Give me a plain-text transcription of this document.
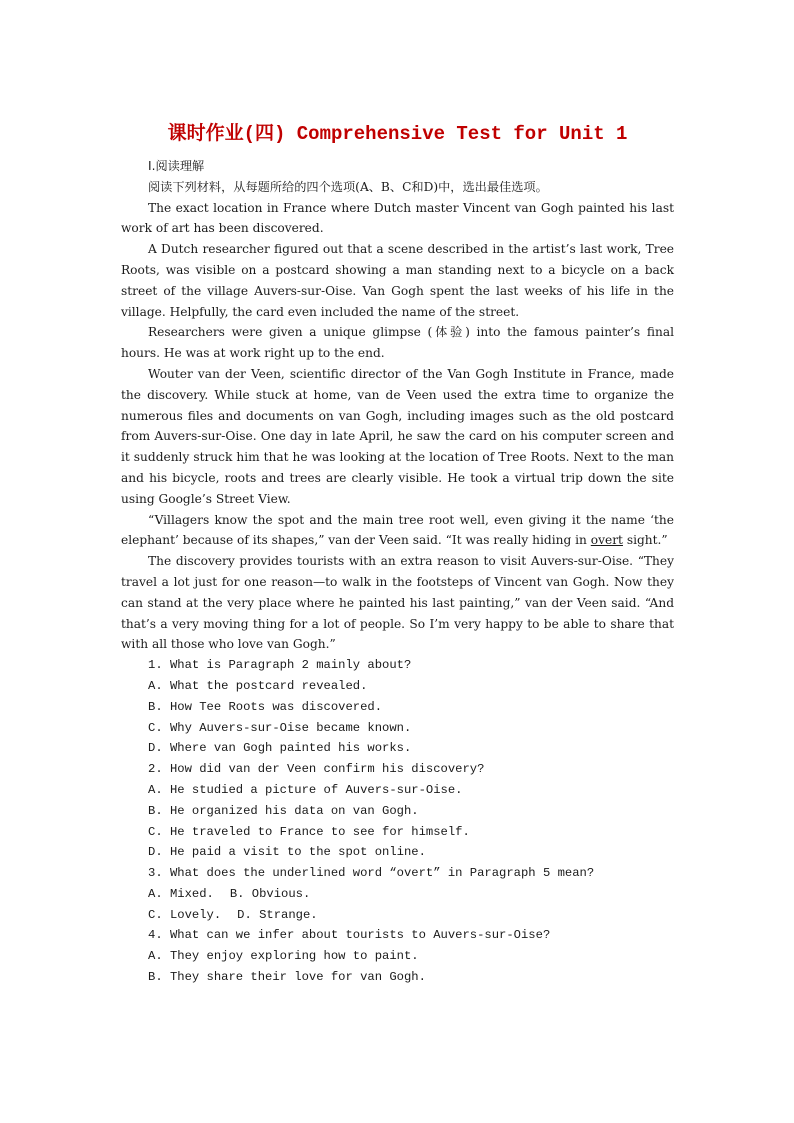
课时作业(四) Comprehensive Test for Unit 1
Ⅰ.阅读理解
阅读下列材料，从每题所给的四个选项(A、B、C和D)中，选出最佳选项。

The exact location in France where Dutch master Vincent van Gogh painted his last work of art has been discovered.

A Dutch researcher figured out that a scene described in the artist’s last work, Tree Roots, was visible on a postcard showing a man standing next to a bicycle on a back street of the village Auvers-sur-Oise. Van Gogh spent the last weeks of his life in the village. Helpfully, the card even included the name of the street.

Researchers were given a unique glimpse (体验) into the famous painter’s final hours. He was at work right up to the end.

Wouter van der Veen, scientific director of the Van Gogh Institute in France, made the discovery. While stuck at home, van de Veen used the extra time to organize the numerous files and documents on van Gogh, including images such as the old postcard from Auvers-sur-Oise. One day in late April, he saw the card on his computer screen and it suddenly struck him that he was looking at the location of Tree Roots. Next to the man and his bicycle, roots and trees are clearly visible. He took a virtual trip down the site using Google’s Street View.

“Villagers know the spot and the main tree root well, even giving it the name ‘the elephant’ because of its shapes,” van der Veen said. “It was really hiding in overt sight.”

The discovery provides tourists with an extra reason to visit Auvers-sur-Oise. “They travel a lot just for one reason—to walk in the footsteps of Vincent van Gogh. Now they can stand at the very place where he painted his last painting,” van der Veen said. “And that’s a very moving thing for a lot of people. So I’m very happy to be able to share that with all those who love van Gogh.”

1. What is Paragraph 2 mainly about?
A. What the postcard revealed.
B. How Tee Roots was discovered.
C. Why Auvers-sur-Oise became known.
D. Where van Gogh painted his works.
2. How did van der Veen confirm his discovery?
A. He studied a picture of Auvers-sur-Oise.
B. He organized his data on van Gogh.
C. He traveled to France to see for himself.
D. He paid a visit to the spot online.
3. What does the underlined word “overt” in Paragraph 5 mean?
A. Mixed. B. Obvious.
C. Lovely. D. Strange.
4. What can we infer about tourists to Auvers-sur-Oise?
A. They enjoy exploring how to paint.
B. They share their love for van Gogh.
